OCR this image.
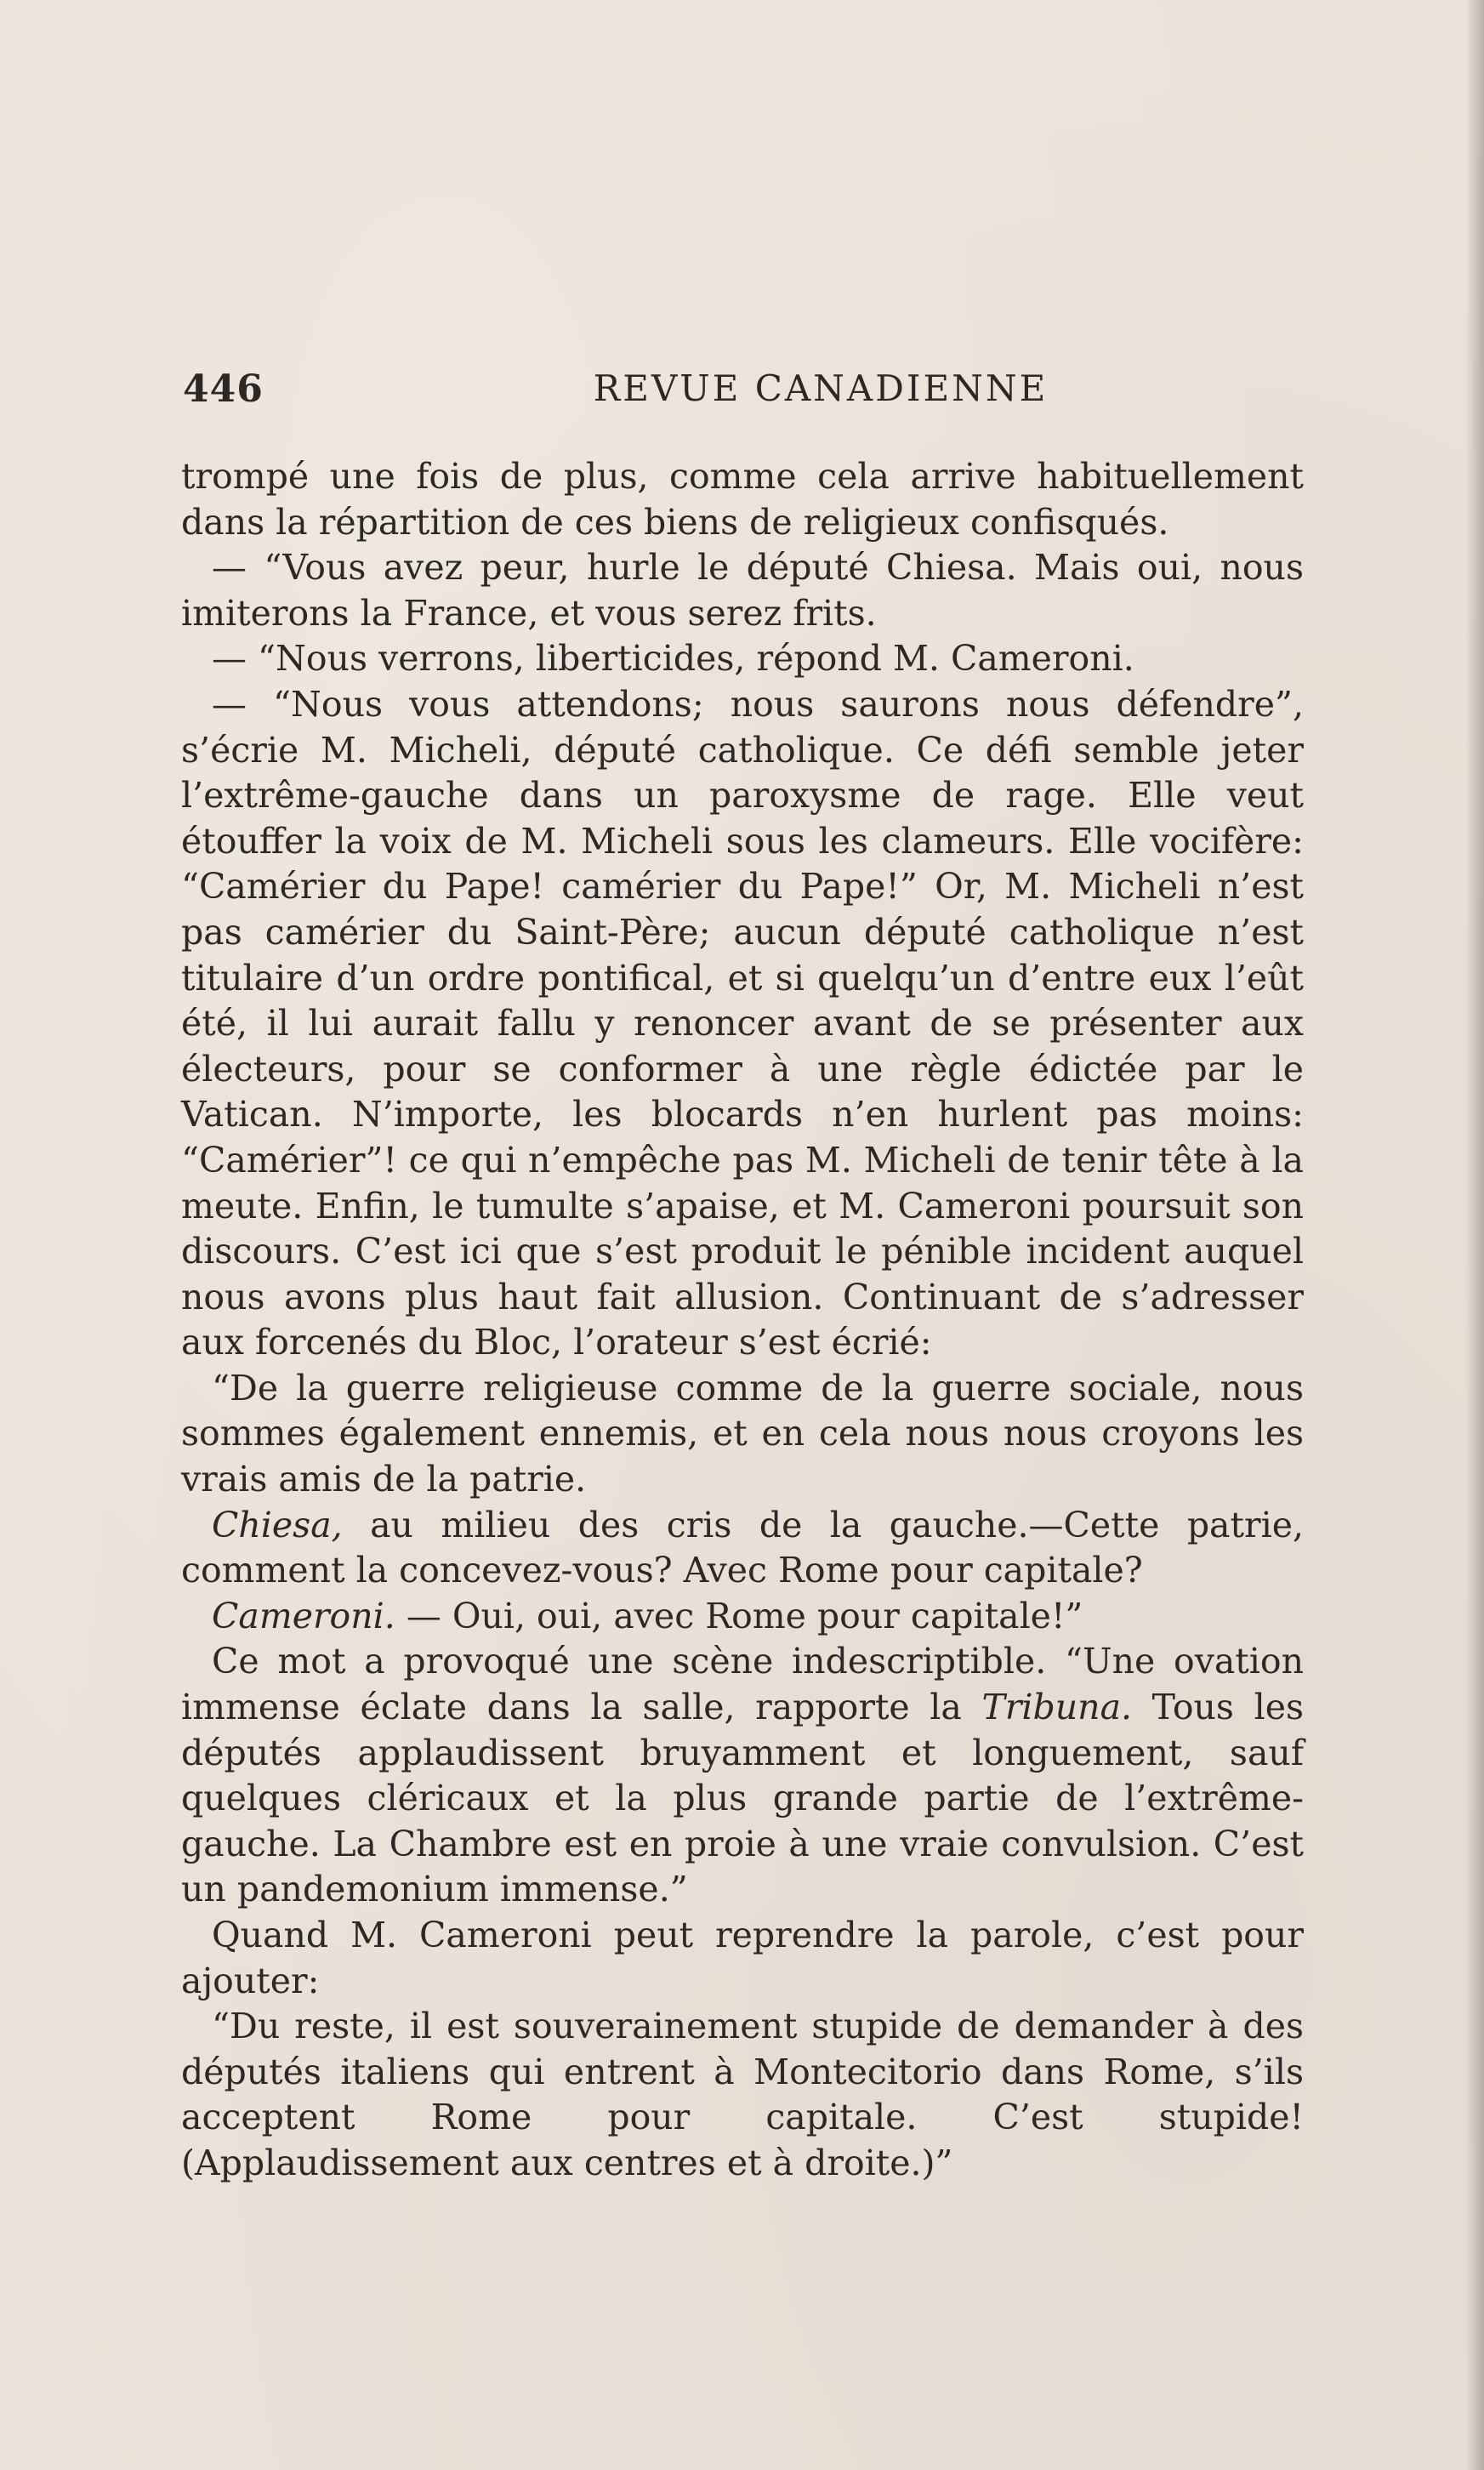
446	REVUE CANADIENNE

trompé une fois de plus, comme cela arrive habituellement dans la répartition de ces biens de religieux confisqués.

— “Vous avez peur, hurle le député Chiesa. Mais oui, nous imiterons la France, et vous serez frits.

— “Nous verrons, liberticides, répond M. Cameroni.

— “Nous vous attendons; nous saurons nous défendre”, s’écrie M. Micheli, député catholique. Ce défi semble jeter l’extrême-gauche dans un paroxysme de rage. Elle veut étouffer la voix de M. Micheli sous les clameurs. Elle vocifère: “Camérier du Pape! camérier du Pape!” Or, M. Micheli n’est pas camérier du Saint-Père; aucun député catholique n’est titulaire d’un ordre pontifical, et si quelqu’un d’entre eux l’eût été, il lui aurait fallu y renoncer avant de se présenter aux électeurs, pour se conformer à une règle édictée par le Vatican. N’importe, les blocards n’en hurlent pas moins: “Camérier”! ce qui n’empêche pas M. Micheli de tenir tête à la meute. Enfin, le tumulte s’apaise, et M. Cameroni poursuit son discours. C’est ici que s’est produit le pénible incident auquel nous avons plus haut fait allusion. Continuant de s’adresser aux forcenés du Bloc, l’orateur s’est écrié:

“De la guerre religieuse comme de la guerre sociale, nous sommes également ennemis, et en cela nous nous croyons les vrais amis de la patrie.

Chiesa, au milieu des cris de la gauche.—Cette patrie, comment la concevez-vous? Avec Rome pour capitale?

Cameroni. — Oui, oui, avec Rome pour capitale!”

Ce mot a provoqué une scène indescriptible. “Une ovation immense éclate dans la salle, rapporte la Tribuna. Tous les députés applaudissent bruyamment et longuement, sauf quelques cléricaux et la plus grande partie de l’extrême-gauche. La Chambre est en proie à une vraie convulsion. C’est un pandemonium immense.”

Quand M. Cameroni peut reprendre la parole, c’est pour ajouter:

“Du reste, il est souverainement stupide de demander à des députés italiens qui entrent à Montecitorio dans Rome, s’ils acceptent Rome pour capitale. C’est stupide! (Applaudissement aux centres et à droite.)”
